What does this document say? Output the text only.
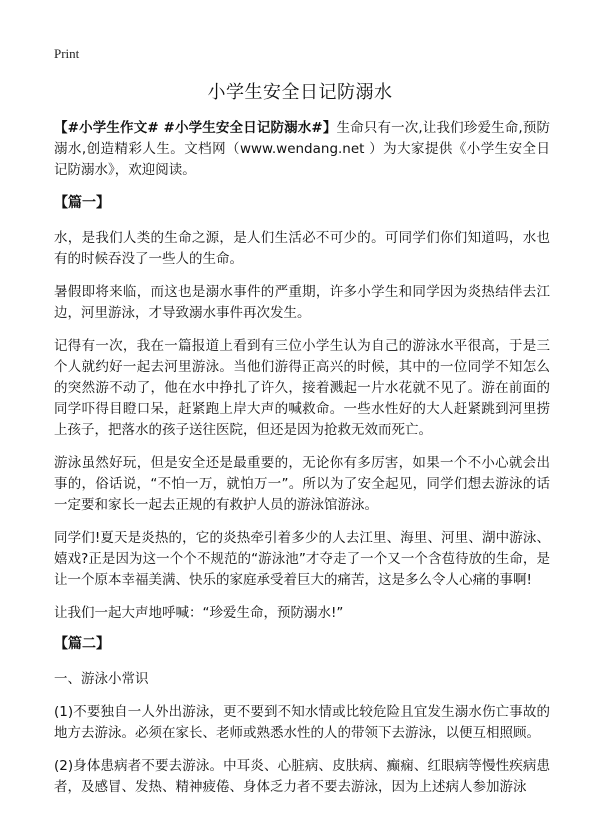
Print
小学生安全日记防溺水

【#小学生作文# #小学生安全日记防溺水#】生命只有一次,让我们珍爱生命,预防溺水,创造精彩人生。文档网（www.wendang.net ）为大家提供《小学生安全日记防溺水》，欢迎阅读。

【篇一】

水，是我们人类的生命之源，是人们生活必不可少的。可同学们你们知道吗，水也有的时候吞没了一些人的生命。

暑假即将来临，而这也是溺水事件的严重期，许多小学生和同学因为炎热结伴去江边，河里游泳，才导致溺水事件再次发生。

记得有一次，我在一篇报道上看到有三位小学生认为自己的游泳水平很高，于是三个人就约好一起去河里游泳。当他们游得正高兴的时候，其中的一位同学不知怎么的突然游不动了，他在水中挣扎了许久，接着溅起一片水花就不见了。游在前面的同学吓得目瞪口呆，赶紧跑上岸大声的喊救命。一些水性好的大人赶紧跳到河里捞上孩子，把落水的孩子送往医院，但还是因为抢救无效而死亡。

游泳虽然好玩，但是安全还是最重要的，无论你有多厉害，如果一个不小心就会出事的，俗话说，“不怕一万，就怕万一”。所以为了安全起见，同学们想去游泳的话一定要和家长一起去正规的有救护人员的游泳馆游泳。

同学们!夏天是炎热的，它的炎热牵引着多少的人去江里、海里、河里、湖中游泳、嬉戏?正是因为这一个个不规范的“游泳池”才夺走了一个又一个含苞待放的生命，是让一个原本幸福美满、快乐的家庭承受着巨大的痛苦，这是多么令人心痛的事啊!

让我们一起大声地呼喊：“珍爱生命，预防溺水!”

【篇二】

一、游泳小常识

(1)不要独自一人外出游泳，更不要到不知水情或比较危险且宜发生溺水伤亡事故的地方去游泳。必须在家长、老师或熟悉水性的人的带领下去游泳，以便互相照顾。

(2)身体患病者不要去游泳。中耳炎、心脏病、皮肤病、癫痫、红眼病等慢性疾病患者，及感冒、发热、精神疲倦、身体乏力者不要去游泳，因为上述病人参加游泳
